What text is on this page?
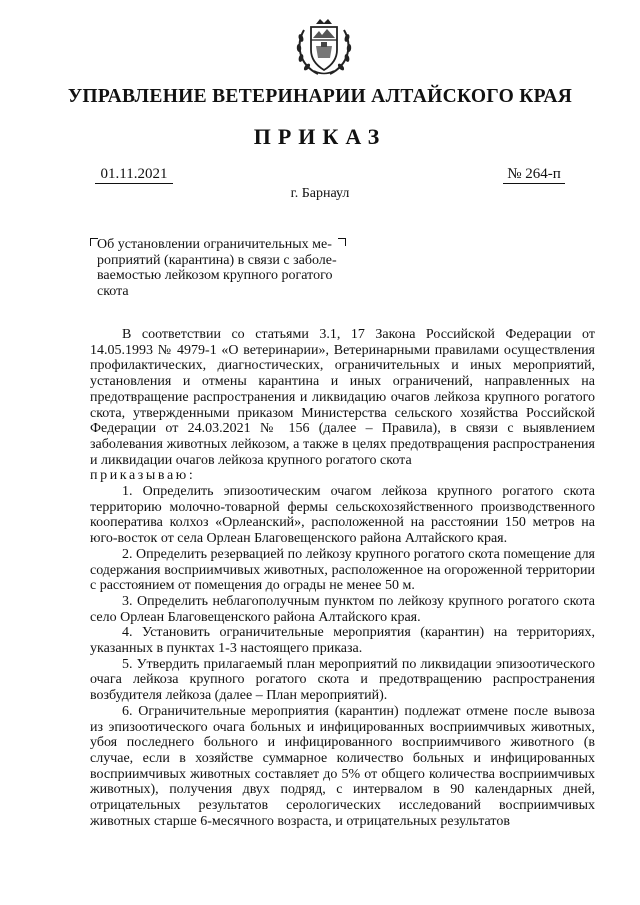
УПРАВЛЕНИЕ ВЕТЕРИНАРИИ АЛТАЙСКОГО КРАЯ
ПРИКАЗ
01.11.2021	№ 264-п
г. Барнаул

Об установлении ограничительных ме-роприятий (карантина) в связи с заболе-ваемостью лейкозом крупного рогатого скота

В соответствии со статьями 3.1, 17 Закона Российской Федерации от 14.05.1993 № 4979-1 «О ветеринарии», Ветеринарными правилами осуществления профилактических, диагностических, ограничительных и иных мероприятий, установления и отмены карантина и иных ограничений, направленных на предотвращение распространения и ликвидацию очагов лейкоза крупного рогатого скота, утвержденными приказом Министерства сельского хозяйства Российской Федерации от 24.03.2021 № 156 (далее – Правила), в связи с выявлением заболевания животных лейкозом, а также в целях предотвращения распространения и ликвидации очагов лейкоза крупного рогатого скота

приказываю:

1. Определить эпизоотическим очагом лейкоза крупного рогатого скота территорию молочно-товарной фермы сельскохозяйственного производственного кооператива колхоз «Орлеанский», расположенной на расстоянии 150 метров на юго-восток от села Орлеан Благовещенского района Алтайского края.

2. Определить резервацией по лейкозу крупного рогатого скота помещение для содержания восприимчивых животных, расположенное на огороженной территории с расстоянием от помещения до ограды не менее 50 м.

3. Определить неблагополучным пунктом по лейкозу крупного рогатого скота село Орлеан Благовещенского района Алтайского края.

4. Установить ограничительные мероприятия (карантин) на территориях, указанных в пунктах 1-3 настоящего приказа.

5. Утвердить прилагаемый план мероприятий по ликвидации эпизоотического очага лейкоза крупного рогатого скота и предотвращению распространения возбудителя лейкоза (далее – План мероприятий).

6. Ограничительные мероприятия (карантин) подлежат отмене после вывоза из эпизоотического очага больных и инфицированных восприимчивых животных, убоя последнего больного и инфицированного восприимчивого животного (в случае, если в хозяйстве суммарное количество больных и инфицированных восприимчивых животных составляет до 5% от общего количества восприимчивых животных), получения двух подряд, с интервалом в 90 календарных дней, отрицательных результатов серологических исследований восприимчивых животных старше 6-месячного возраста, и отрицательных результатов
